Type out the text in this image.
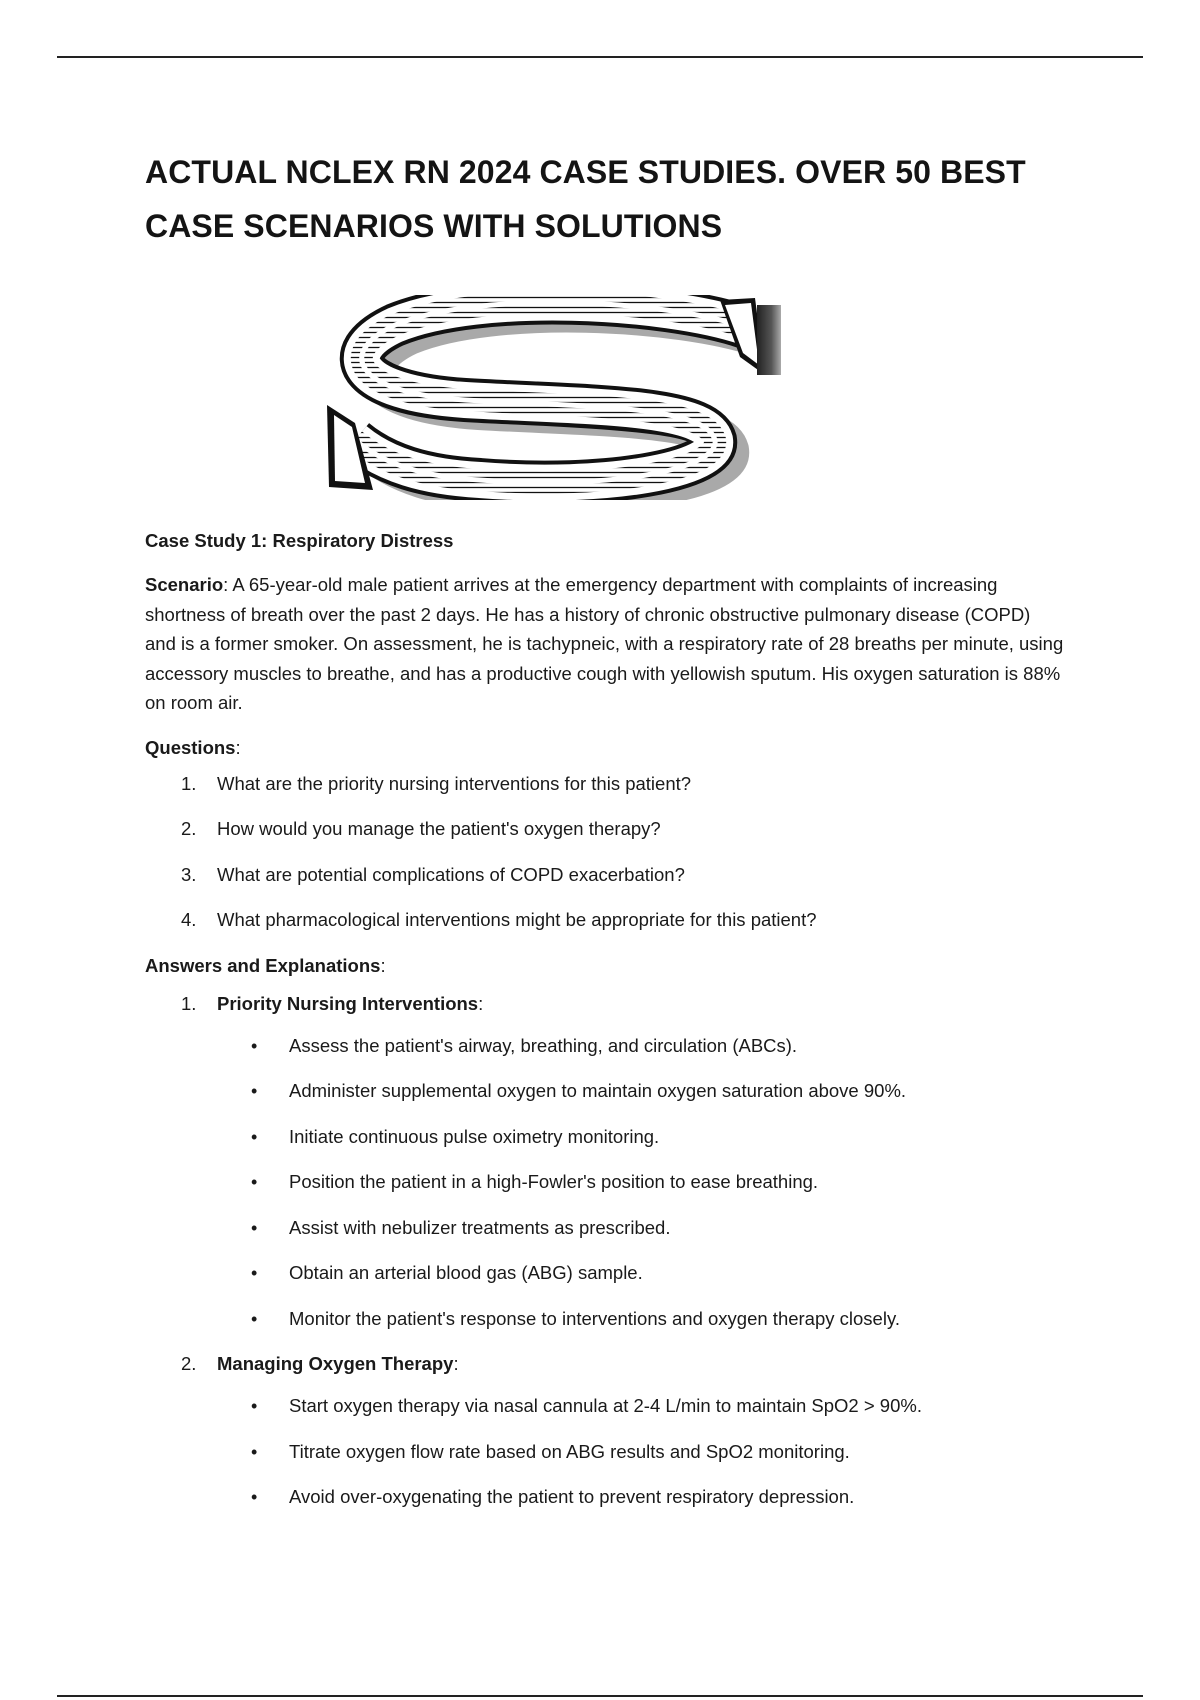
ACTUAL NCLEX RN 2024 CASE STUDIES. OVER 50 BEST CASE SCENARIOS WITH SOLUTIONS
Case Study 1: Respiratory Distress

Scenario: A 65-year-old male patient arrives at the emergency department with complaints of increasing shortness of breath over the past 2 days. He has a history of chronic obstructive pulmonary disease (COPD) and is a former smoker. On assessment, he is tachypneic, with a respiratory rate of 28 breaths per minute, using accessory muscles to breathe, and has a productive cough with yellowish sputum. His oxygen saturation is 88% on room air.

Questions:

1. What are the priority nursing interventions for this patient?
2. How would you manage the patient's oxygen therapy?
3. What are potential complications of COPD exacerbation?
4. What pharmacological interventions might be appropriate for this patient?

Answers and Explanations:

1. Priority Nursing Interventions:
• Assess the patient's airway, breathing, and circulation (ABCs).
• Administer supplemental oxygen to maintain oxygen saturation above 90%.
• Initiate continuous pulse oximetry monitoring.
• Position the patient in a high-Fowler's position to ease breathing.
• Assist with nebulizer treatments as prescribed.
• Obtain an arterial blood gas (ABG) sample.
• Monitor the patient's response to interventions and oxygen therapy closely.
2. Managing Oxygen Therapy:
• Start oxygen therapy via nasal cannula at 2-4 L/min to maintain SpO2 > 90%.
• Titrate oxygen flow rate based on ABG results and SpO2 monitoring.
• Avoid over-oxygenating the patient to prevent respiratory depression.
